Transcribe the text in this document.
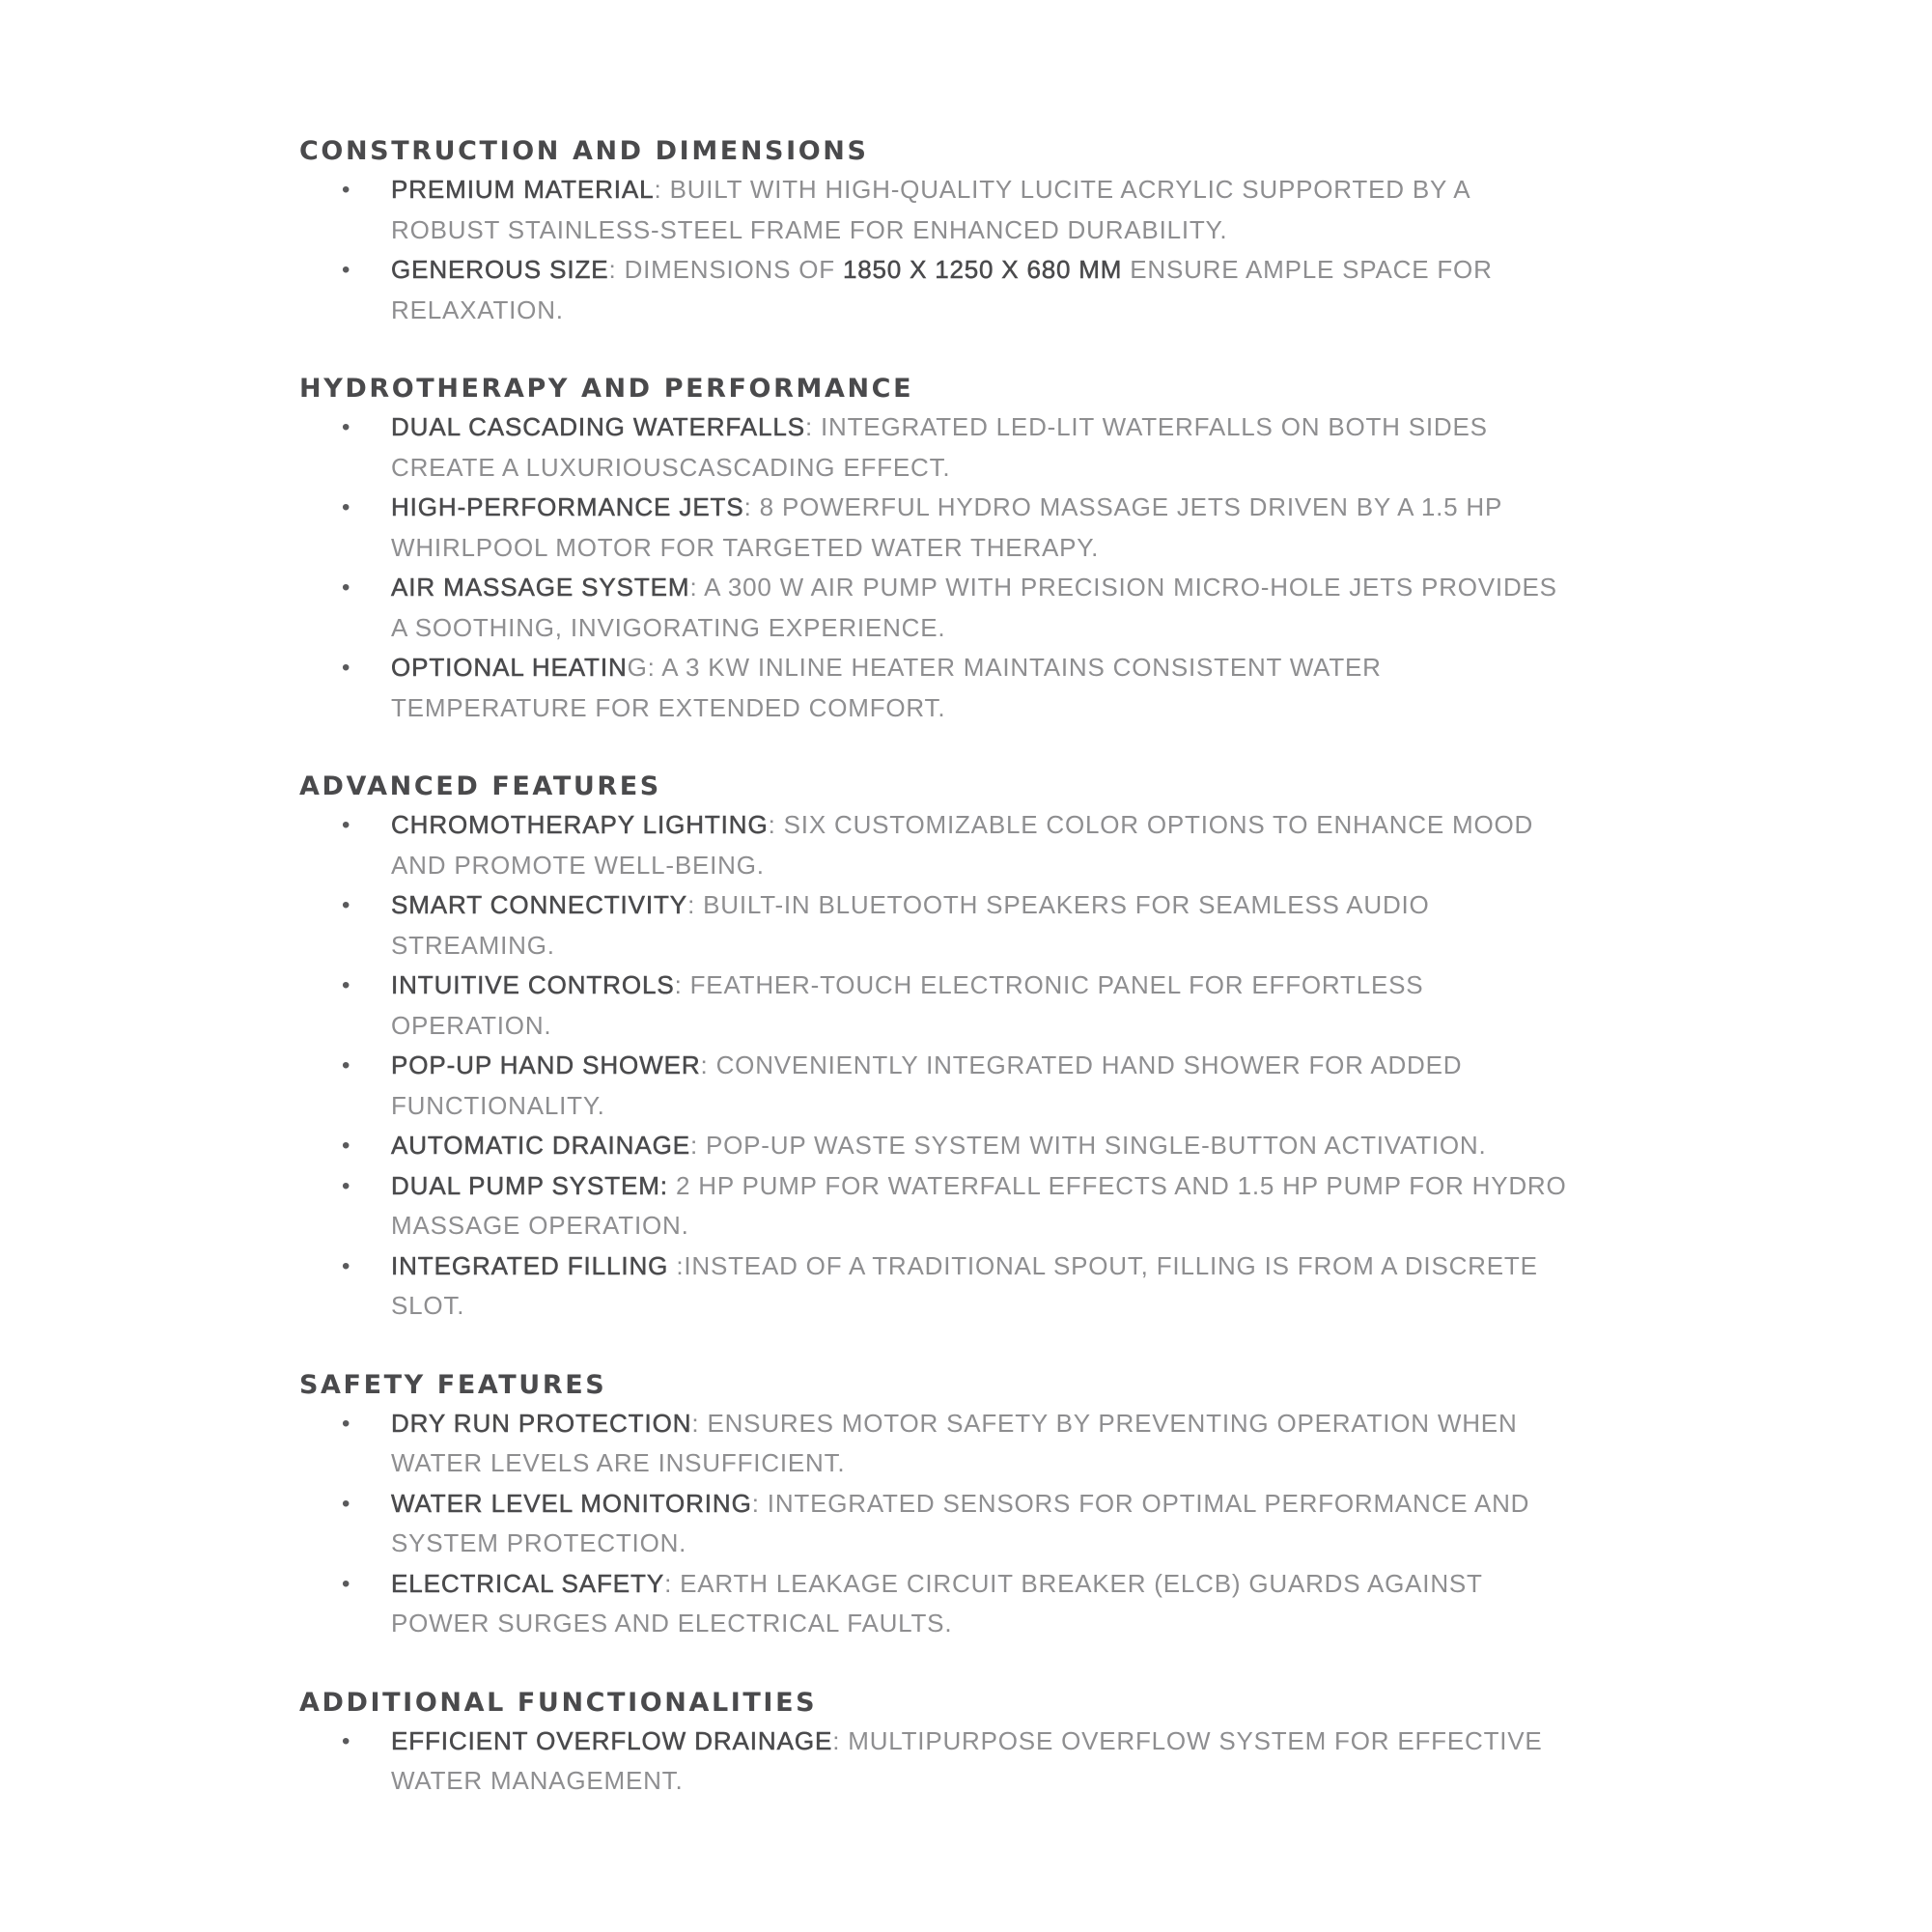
CONSTRUCTION AND DIMENSIONS
• PREMIUM MATERIAL: BUILT WITH HIGH-QUALITY LUCITE ACRYLIC SUPPORTED BY A ROBUST STAINLESS-STEEL FRAME FOR ENHANCED DURABILITY.
• GENEROUS SIZE: DIMENSIONS OF 1850 X 1250 X 680 MM ENSURE AMPLE SPACE FOR RELAXATION.
HYDROTHERAPY AND PERFORMANCE
• DUAL CASCADING WATERFALLS: INTEGRATED LED-LIT WATERFALLS ON BOTH SIDES CREATE A LUXURIOUSCASCADING EFFECT.
• HIGH-PERFORMANCE JETS: 8 POWERFUL HYDRO MASSAGE JETS DRIVEN BY A 1.5 HP WHIRLPOOL MOTOR FOR TARGETED WATER THERAPY.
• AIR MASSAGE SYSTEM: A 300 W AIR PUMP WITH PRECISION MICRO-HOLE JETS PROVIDES A SOOTHING, INVIGORATING EXPERIENCE.
• OPTIONAL HEATING: A 3 KW INLINE HEATER MAINTAINS CONSISTENT WATER TEMPERATURE FOR EXTENDED COMFORT.
ADVANCED FEATURES
• CHROMOTHERAPY LIGHTING: SIX CUSTOMIZABLE COLOR OPTIONS TO ENHANCE MOOD AND PROMOTE WELL-BEING.
• SMART CONNECTIVITY: BUILT-IN BLUETOOTH SPEAKERS FOR SEAMLESS AUDIO STREAMING.
• INTUITIVE CONTROLS: FEATHER-TOUCH ELECTRONIC PANEL FOR EFFORTLESS OPERATION.
• POP-UP HAND SHOWER: CONVENIENTLY INTEGRATED HAND SHOWER FOR ADDED FUNCTIONALITY.
• AUTOMATIC DRAINAGE: POP-UP WASTE SYSTEM WITH SINGLE-BUTTON ACTIVATION.
• DUAL PUMP SYSTEM: 2 HP PUMP FOR WATERFALL EFFECTS AND 1.5 HP PUMP FOR HYDRO MASSAGE OPERATION.
• INTEGRATED FILLING :INSTEAD OF A TRADITIONAL SPOUT, FILLING IS FROM A DISCRETE SLOT.
SAFETY FEATURES
• DRY RUN PROTECTION: ENSURES MOTOR SAFETY BY PREVENTING OPERATION WHEN WATER LEVELS ARE INSUFFICIENT.
• WATER LEVEL MONITORING: INTEGRATED SENSORS FOR OPTIMAL PERFORMANCE AND SYSTEM PROTECTION.
• ELECTRICAL SAFETY: EARTH LEAKAGE CIRCUIT BREAKER (ELCB) GUARDS AGAINST POWER SURGES AND ELECTRICAL FAULTS.
ADDITIONAL FUNCTIONALITIES
• EFFICIENT OVERFLOW DRAINAGE: MULTIPURPOSE OVERFLOW SYSTEM FOR EFFECTIVE WATER MANAGEMENT.
